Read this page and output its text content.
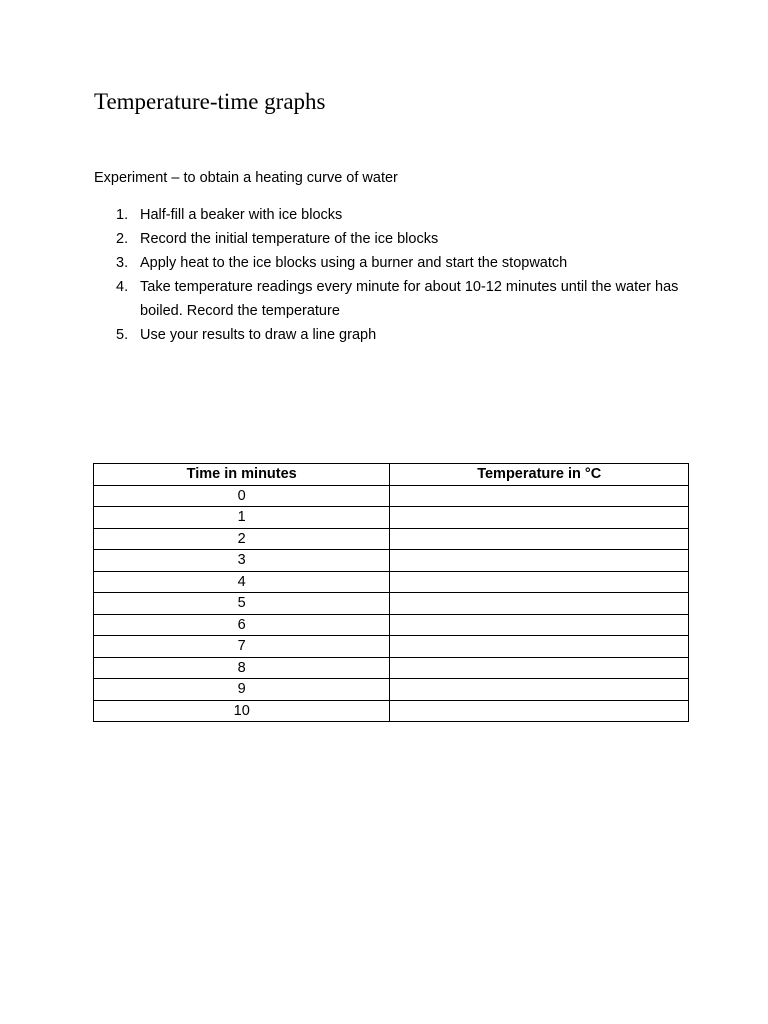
Temperature-time graphs
Experiment – to obtain a heating curve of water
1. Half-fill a beaker with ice blocks
2. Record the initial temperature of the ice blocks
3. Apply heat to the ice blocks using a burner and start the stopwatch
4. Take temperature readings every minute for about 10-12 minutes until the water has boiled. Record the temperature
5. Use your results to draw a line graph
Time in minutes	Temperature in °C
0	
1	
2	
3	
4	
5	
6	
7	
8	
9	
10	
